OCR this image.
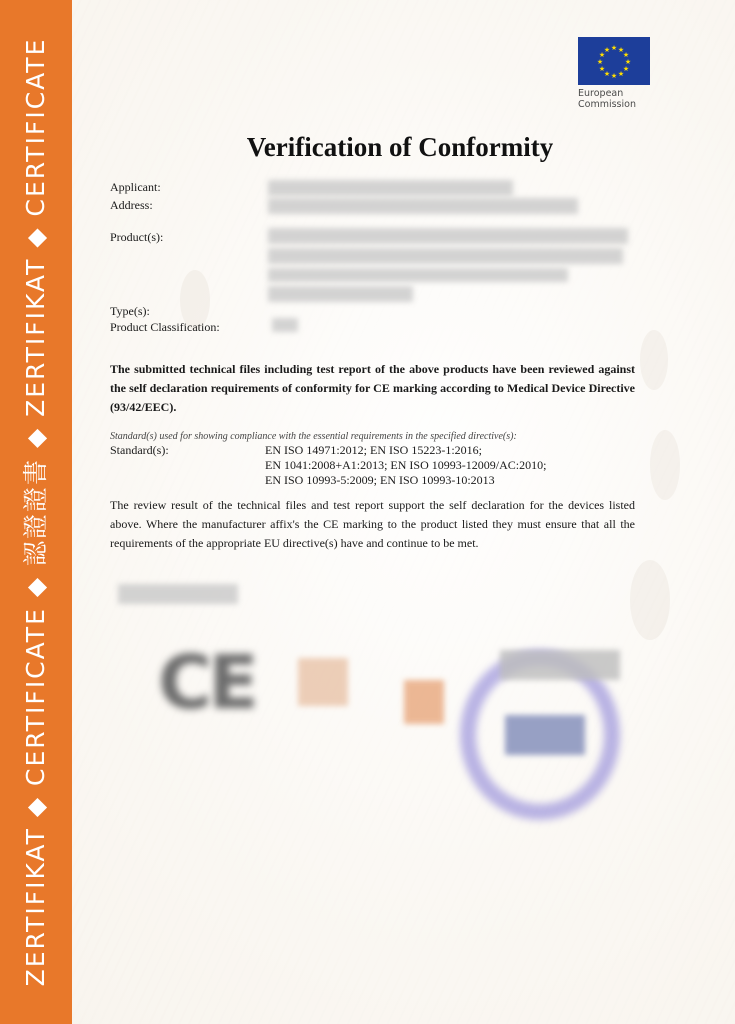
ZERTIFIKAT ◆ CERTIFICATE ◆ 認證證書 ◆ ZERTIFIKAT ◆ CERTIFICATE	★ ★
★
★
★
★
★
★
★
★
★
★
European
Commission
Verification of Conformity
Applicant:
Address:
Product(s):
Type(s):
Product Classification:
The submitted technical files including test report of the above products have been reviewed against the self declaration requirements of conformity for CE marking according to Medical Device Directive (93/42/EEC).
Standard(s) used for showing compliance with the essential requirements in the specified directive(s):
Standard(s):	EN ISO 14971:2012; EN ISO 15223-1:2016;
EN 1041:2008+A1:2013; EN ISO 10993-12009/AC:2010;
EN ISO 10993-5:2009; EN ISO 10993-10:2013
The review result of the technical files and test report support the self declaration for the devices listed above. Where the manufacturer affix's the CE marking to the product listed they must ensure that all the requirements of the appropriate EU directive(s) have and continue to be met.
CE
